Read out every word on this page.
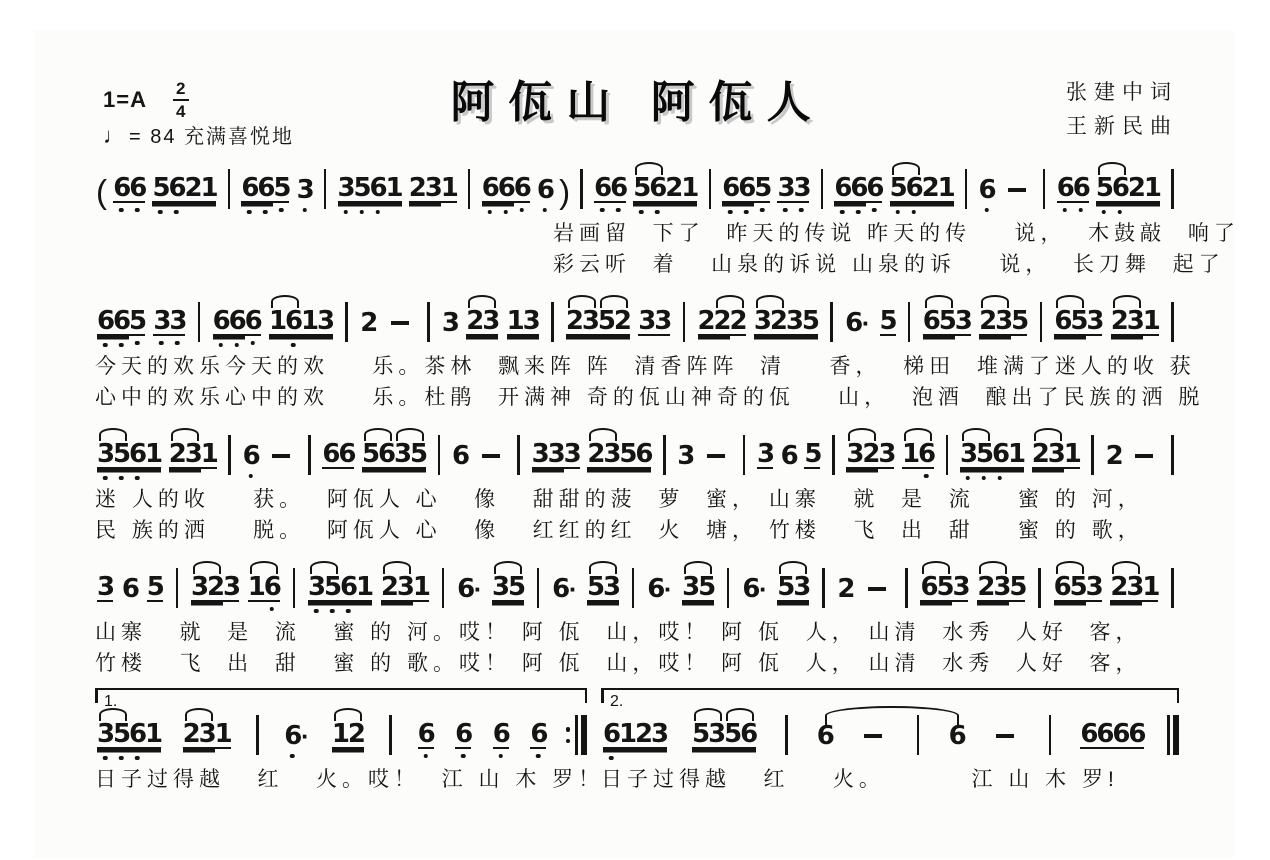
1=A 2
4
♩ = 84 充满喜悦地
阿佤山 阿佤人	张建中词
王新民曲
( 6
6 5
6
2
1 6
6
5 3 3
5
6
1 2
3
1 6
6
6 6 ) 6
6 5
6
2
1 6
6
5 3
3 6
6
6 5
6
2
1 6 6
6 5
6
2
1
岩画留  下了  昨天的传说 昨天的传    说，  木鼓敲  响了
彩云听  着   山泉的诉说 山泉的诉    说，  长刀舞  起了
6
6
5 3
3 6
6
6 1
6
1
3 2 3 2
3 1
3 2
3
5
2 3
3 2
2
2 3
2
3
5 6
· 5 6
5
3 2
3
5 6
5
3 2
3
1
今天的欢乐今天的欢    乐。茶林  飘来阵 阵  清香阵阵  清    香，  梯田  堆满了迷人的收 获
心中的欢乐心中的欢    乐。杜鹃  开满神 奇的佤山神奇的佤    山，  泡酒  酿出了民族的洒 脱
3
5
6
1 2
3
1 6 6
6 5
6
3
5 6 3
3
3 2
3
5
6 3 3 6 5 3
2
3 1
6 3
5
6
1 2
3
1 2
迷 人的收    获。  阿佤人 心   像   甜甜的菠  萝  蜜， 山寨   就  是  流    蜜 的 河，
民 族的洒    脱。  阿佤人 心   像   红红的红  火  塘， 竹楼   飞  出  甜    蜜 的 歌，
3 6 5 3
2
3 1
6 3
5
6
1 2
3
1 6
· 3
5 6
· 5
3 6
· 3
5 6
· 5
3 2 6
5
3 2
3
5 6
5
3 2
3
1
山寨   就  是  流   蜜 的 河。哎！ 阿 佤  山，哎！ 阿 佤  人， 山清  水秀  人好  客，
竹楼   飞  出  甜   蜜 的 歌。哎！ 阿 佤  山，哎！ 阿 佤  人， 山清  水秀  人好  客，
1.
3
5
6
1 2
3
1 6
· 1
2 6 6 6 6
日子过得越   红   火。哎！  江 山 木 罗！
2.
6
1
2
3 5
3
5
6 6	6	6
6
6
6
日子过得越   红    火。        江 山 木 罗!
